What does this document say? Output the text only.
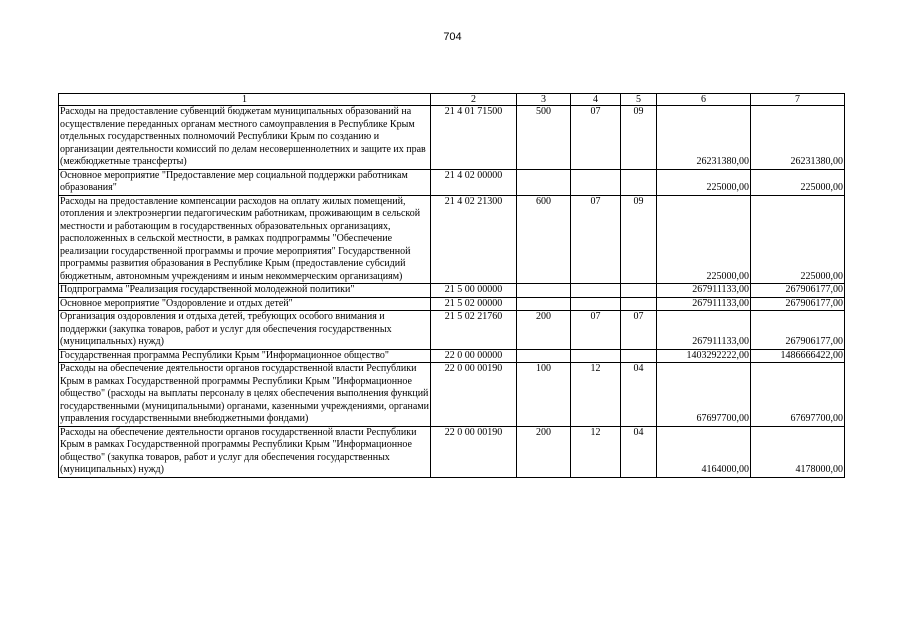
704
1	2	3	4	5	6	7
Расходы на предоставление субвенций бюджетам муниципальных образований на осуществление переданных органам местного самоуправления в Республике Крым отдельных государственных полномочий Республики Крым по созданию и организации деятельности комиссий по делам несовершеннолетних и защите их прав (межбюджетные трансферты)	21 4 01 71500	500	07	09	26231380,00	26231380,00
Основное мероприятие "Предоставление мер социальной поддержки работникам образования"	21 4 02 00000				225000,00	225000,00
Расходы на предоставление компенсации расходов на оплату жилых помещений, отопления и электроэнергии педагогическим работникам, проживающим в сельской местности и работающим в государственных образовательных организациях, расположенных в сельской местности, в рамках подпрограммы "Обеспечение реализации государственной программы и прочие мероприятия" Государственной программы развития образования в Республике Крым (предоставление субсидий бюджетным, автономным учреждениям и иным некоммерческим организациям)	21 4 02 21300	600	07	09	225000,00	225000,00
Подпрограмма "Реализация государственной молодежной политики"	21 5 00 00000				267911133,00	267906177,00
Основное мероприятие "Оздоровление и отдых детей"	21 5 02 00000				267911133,00	267906177,00
Организация оздоровления и отдыха детей, требующих особого внимания и поддержки (закупка товаров, работ и услуг для обеспечения государственных (муниципальных) нужд)	21 5 02 21760	200	07	07	267911133,00	267906177,00
Государственная программа Республики Крым "Информационное общество"	22 0 00 00000				1403292222,00	1486666422,00
Расходы на обеспечение деятельности органов государственной власти Республики Крым в рамках Государственной программы Республики Крым "Информационное общество" (расходы на выплаты персоналу в целях обеспечения выполнения функций государственными (муниципальными) органами, казенными учреждениями, органами управления государственными внебюджетными фондами)	22 0 00 00190	100	12	04	67697700,00	67697700,00
Расходы на обеспечение деятельности органов государственной власти Республики Крым в рамках Государственной программы Республики Крым "Информационное общество" (закупка товаров, работ и услуг для обеспечения государственных (муниципальных) нужд)	22 0 00 00190	200	12	04	4164000,00	4178000,00
